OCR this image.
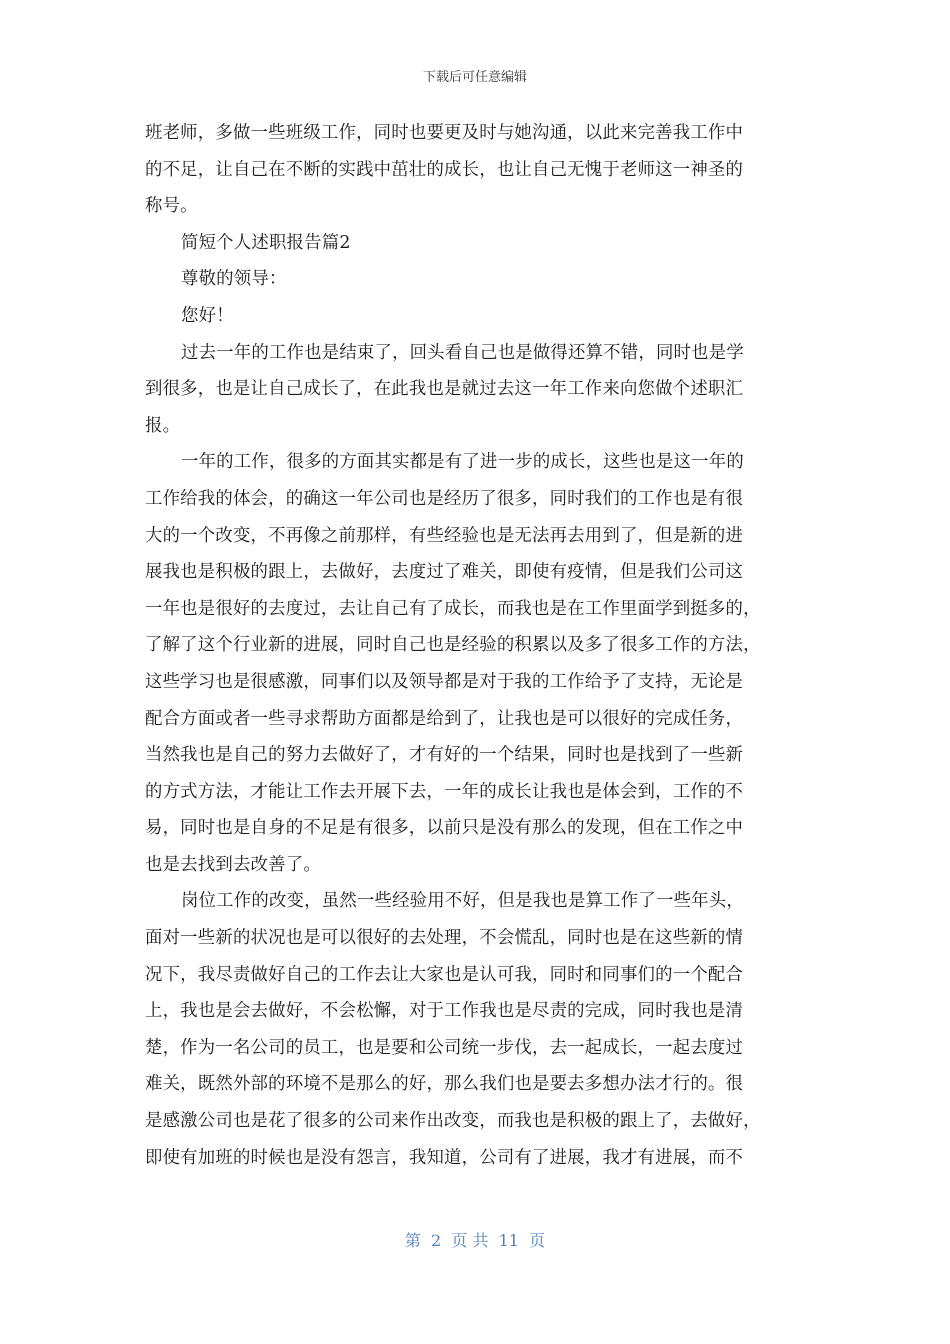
下载后可任意编辑
班老师，多做一些班级工作，同时也要更及时与她沟通，以此来完善我工作中
的不足，让自己在不断的实践中茁壮的成长，也让自己无愧于老师这一神圣的
称号。
简短个人述职报告篇2
尊敬的领导：
您好！
过去一年的工作也是结束了，回头看自己也是做得还算不错，同时也是学
到很多，也是让自己成长了，在此我也是就过去这一年工作来向您做个述职汇
报。
一年的工作，很多的方面其实都是有了进一步的成长，这些也是这一年的
工作给我的体会，的确这一年公司也是经历了很多，同时我们的工作也是有很
大的一个改变，不再像之前那样，有些经验也是无法再去用到了，但是新的进
展我也是积极的跟上，去做好，去度过了难关，即使有疫情，但是我们公司这
一年也是很好的去度过，去让自己有了成长，而我也是在工作里面学到挺多的，
了解了这个行业新的进展，同时自己也是经验的积累以及多了很多工作的方法，
这些学习也是很感激，同事们以及领导都是对于我的工作给予了支持，无论是
配合方面或者一些寻求帮助方面都是给到了，让我也是可以很好的完成任务，
当然我也是自己的努力去做好了，才有好的一个结果，同时也是找到了一些新
的方式方法，才能让工作去开展下去，一年的成长让我也是体会到，工作的不
易，同时也是自身的不足是有很多，以前只是没有那么的发现，但在工作之中
也是去找到去改善了。
岗位工作的改变，虽然一些经验用不好，但是我也是算工作了一些年头，
面对一些新的状况也是可以很好的去处理，不会慌乱，同时也是在这些新的情
况下，我尽责做好自己的工作去让大家也是认可我，同时和同事们的一个配合
上，我也是会去做好，不会松懈，对于工作我也是尽责的完成，同时我也是清
楚，作为一名公司的员工，也是要和公司统一步伐，去一起成长，一起去度过
难关，既然外部的环境不是那么的好，那么我们也是要去多想办法才行的。很
是感激公司也是花了很多的公司来作出改变，而我也是积极的跟上了，去做好，
即使有加班的时候也是没有怨言，我知道，公司有了进展，我才有进展，而不
第  2  页 共  11  页
